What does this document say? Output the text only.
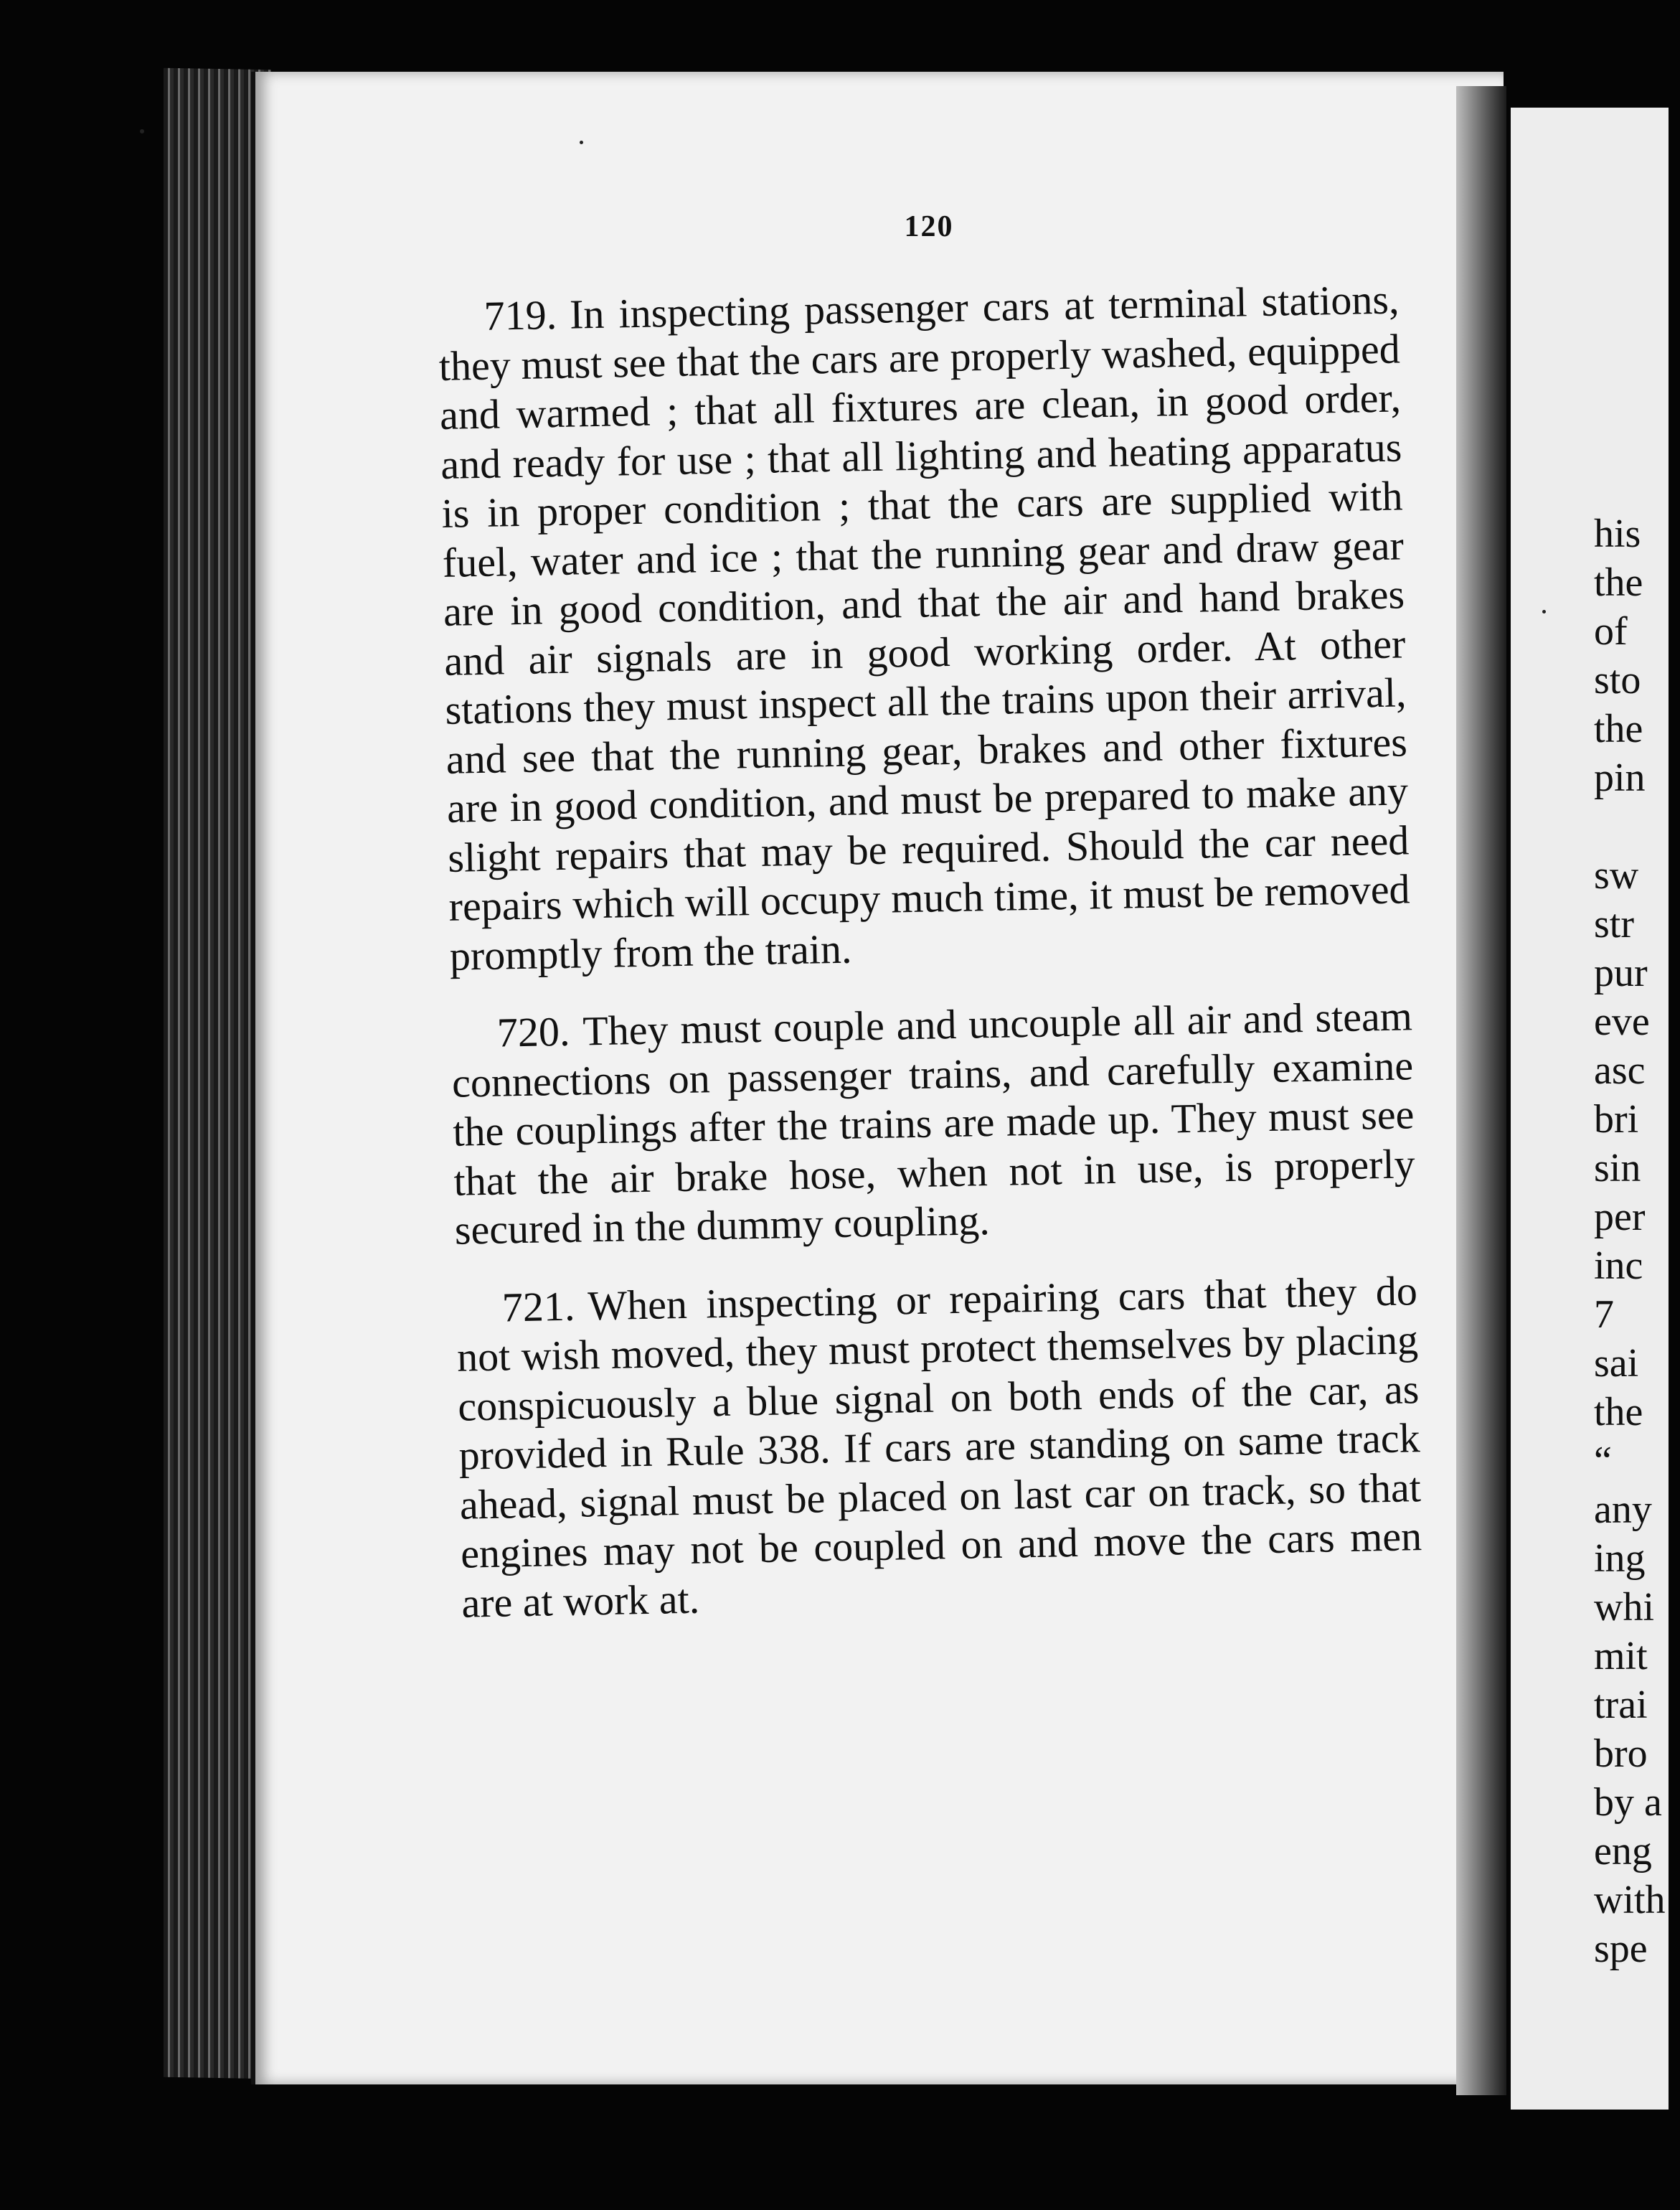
his
the
of
sto
the
pin

sw
str
pur
eve
asc
bri
sin
per
inc
7
sai
the
“
any
ing
whi
mit
trai
bro
by a
eng
with
spe
120

719. In inspecting passenger cars at terminal stations, they must see that the cars are properly washed, equipped and warmed ; that all fixtures are clean, in good order, and ready for use ; that all lighting and heating apparatus is in proper condition ; that the cars are supplied with fuel, water and ice ; that the running gear and draw gear are in good condition, and that the air and hand brakes and air signals are in good working order. At other stations they must inspect all the trains upon their arrival, and see that the running gear, brakes and other fixtures are in good condition, and must be prepared to make any slight repairs that may be required. Should the car need repairs which will occupy much time, it must be removed promptly from the train.

720. They must couple and uncouple all air and steam connections on passenger trains, and carefully examine the couplings after the trains are made up. They must see that the air brake hose, when not in use, is properly secured in the dummy coupling.

721. When inspecting or repairing cars that they do not wish moved, they must protect themselves by placing conspicuously a blue signal on both ends of the car, as provided in Rule 338. If cars are standing on same track ahead, signal must be placed on last car on track, so that engines may not be coupled on and move the cars men are at work at.
